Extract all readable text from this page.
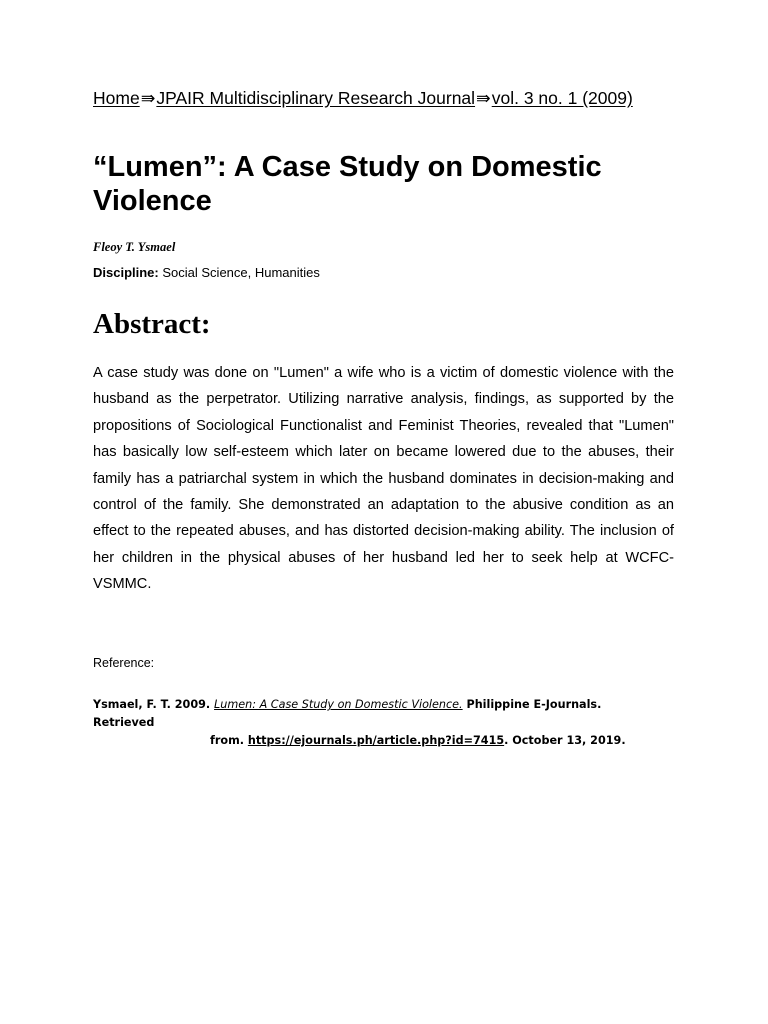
Home⇛JPAIR Multidisciplinary Research Journal⇛vol. 3 no. 1 (2009)
“Lumen”: A Case Study on Domestic Violence
Fleoy T. Ysmael
Discipline: Social Science, Humanities
Abstract:

A case study was done on "Lumen" a wife who is a victim of domestic violence with the husband as the perpetrator. Utilizing narrative analysis, findings, as supported by the propositions of Sociological Functionalist and Feminist Theories, revealed that "Lumen" has basically low self-esteem which later on became lowered due to the abuses, their family has a patriarchal system in which the husband dominates in decision-making and control of the family. She demonstrated an adaptation to the abusive condition as an effect to the repeated abuses, and has distorted decision-making ability. The inclusion of her children in the physical abuses of her husband led her to seek help at WCFC-VSMMC.

Reference:
Ysmael, F. T. 2009. Lumen: A Case Study on Domestic Violence. Philippine E-Journals. Retrieved
from. https://ejournals.ph/article.php?id=7415. October 13, 2019.
